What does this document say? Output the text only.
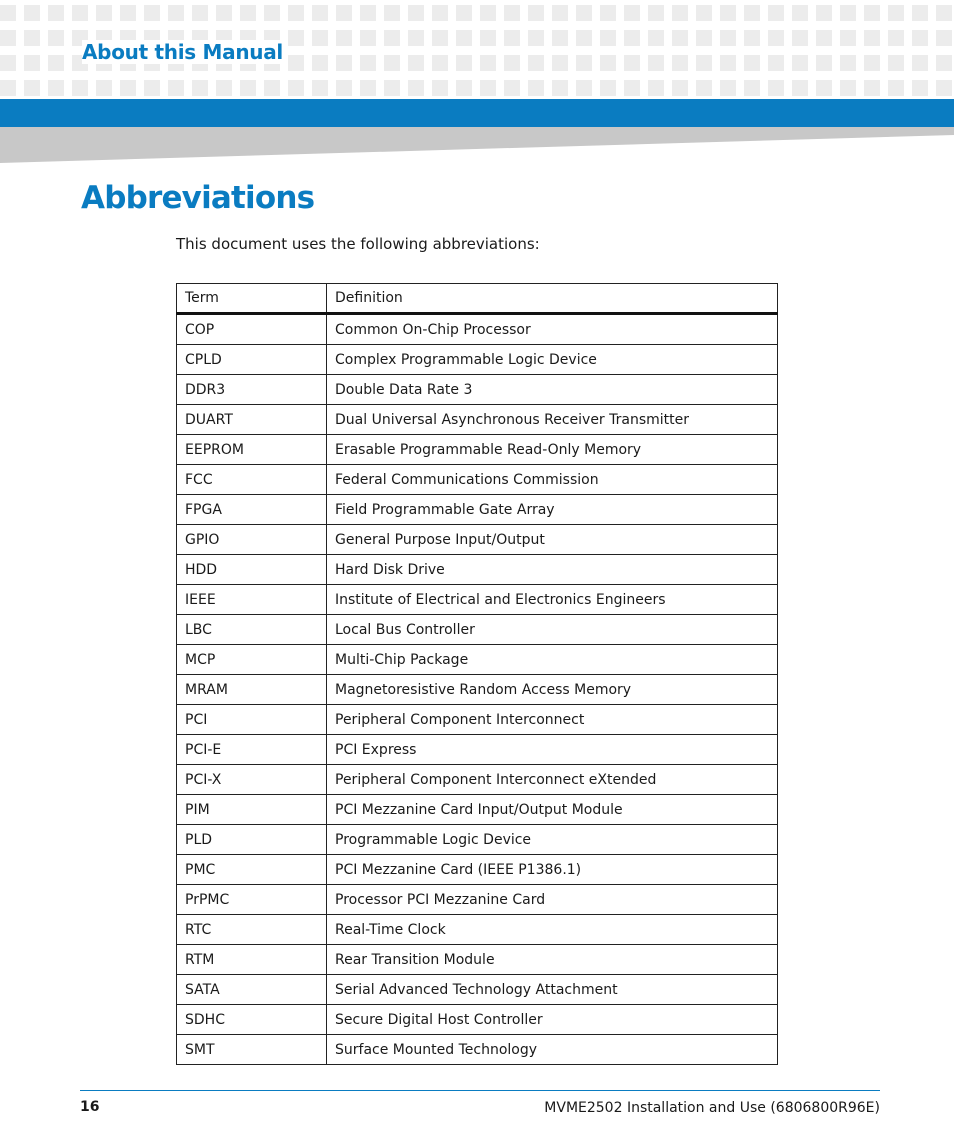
About this Manual
Abbreviations

This document uses the following abbreviations:

Term	Definition
COP	Common On-Chip Processor
CPLD	Complex Programmable Logic Device
DDR3	Double Data Rate 3
DUART	Dual Universal Asynchronous Receiver Transmitter
EEPROM	Erasable Programmable Read-Only Memory
FCC	Federal Communications Commission
FPGA	Field Programmable Gate Array
GPIO	General Purpose Input/Output
HDD	Hard Disk Drive
IEEE	Institute of Electrical and Electronics Engineers
LBC	Local Bus Controller
MCP	Multi-Chip Package
MRAM	Magnetoresistive Random Access Memory
PCI	Peripheral Component Interconnect
PCI-E	PCI Express
PCI-X	Peripheral Component Interconnect eXtended
PIM	PCI Mezzanine Card Input/Output Module
PLD	Programmable Logic Device
PMC	PCI Mezzanine Card (IEEE P1386.1)
PrPMC	Processor PCI Mezzanine Card
RTC	Real-Time Clock
RTM	Rear Transition Module
SATA	Serial Advanced Technology Attachment
SDHC	Secure Digital Host Controller
SMT	Surface Mounted Technology

16	MVME2502 Installation and Use (6806800R96E)
